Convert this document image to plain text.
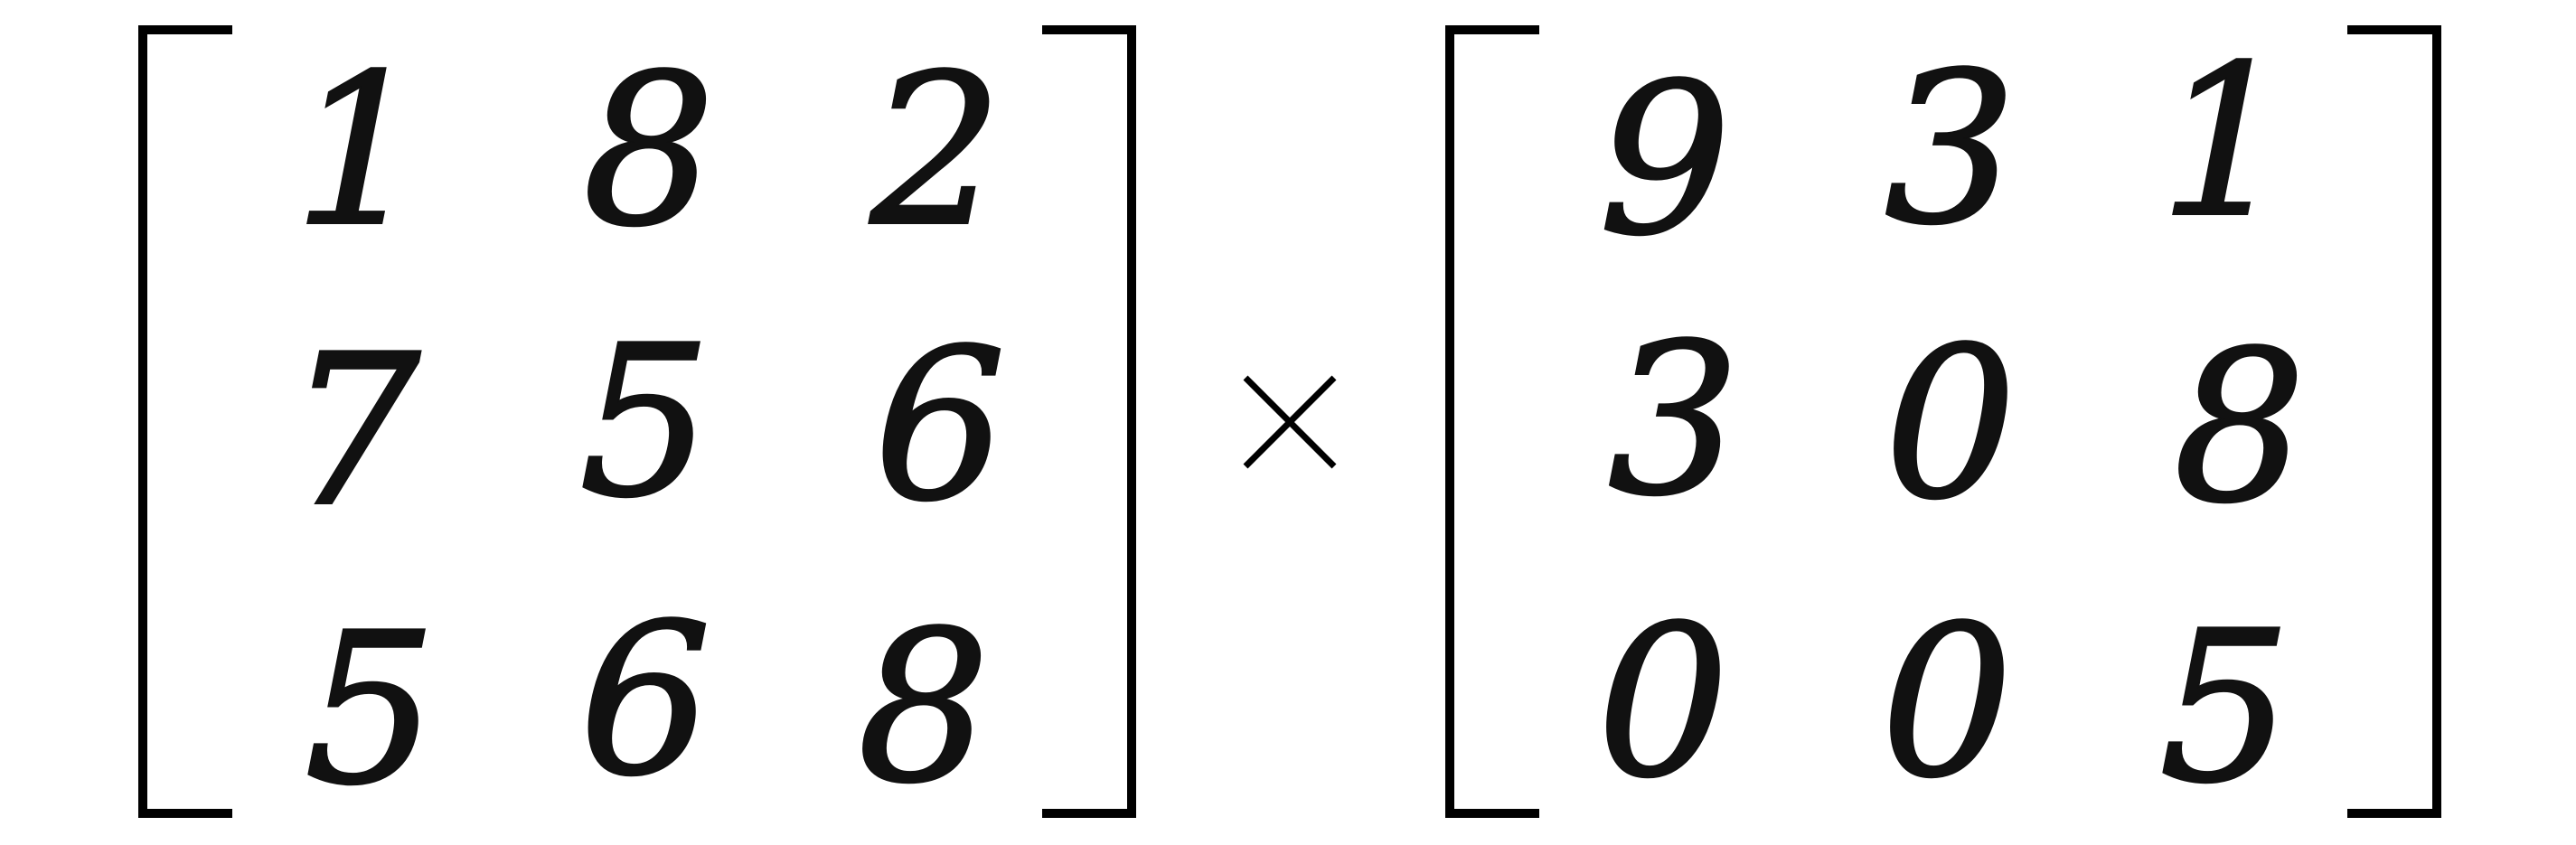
1 8 2
7 5 6
5 6 8
9 3 1
3 0 8
0 0 5
